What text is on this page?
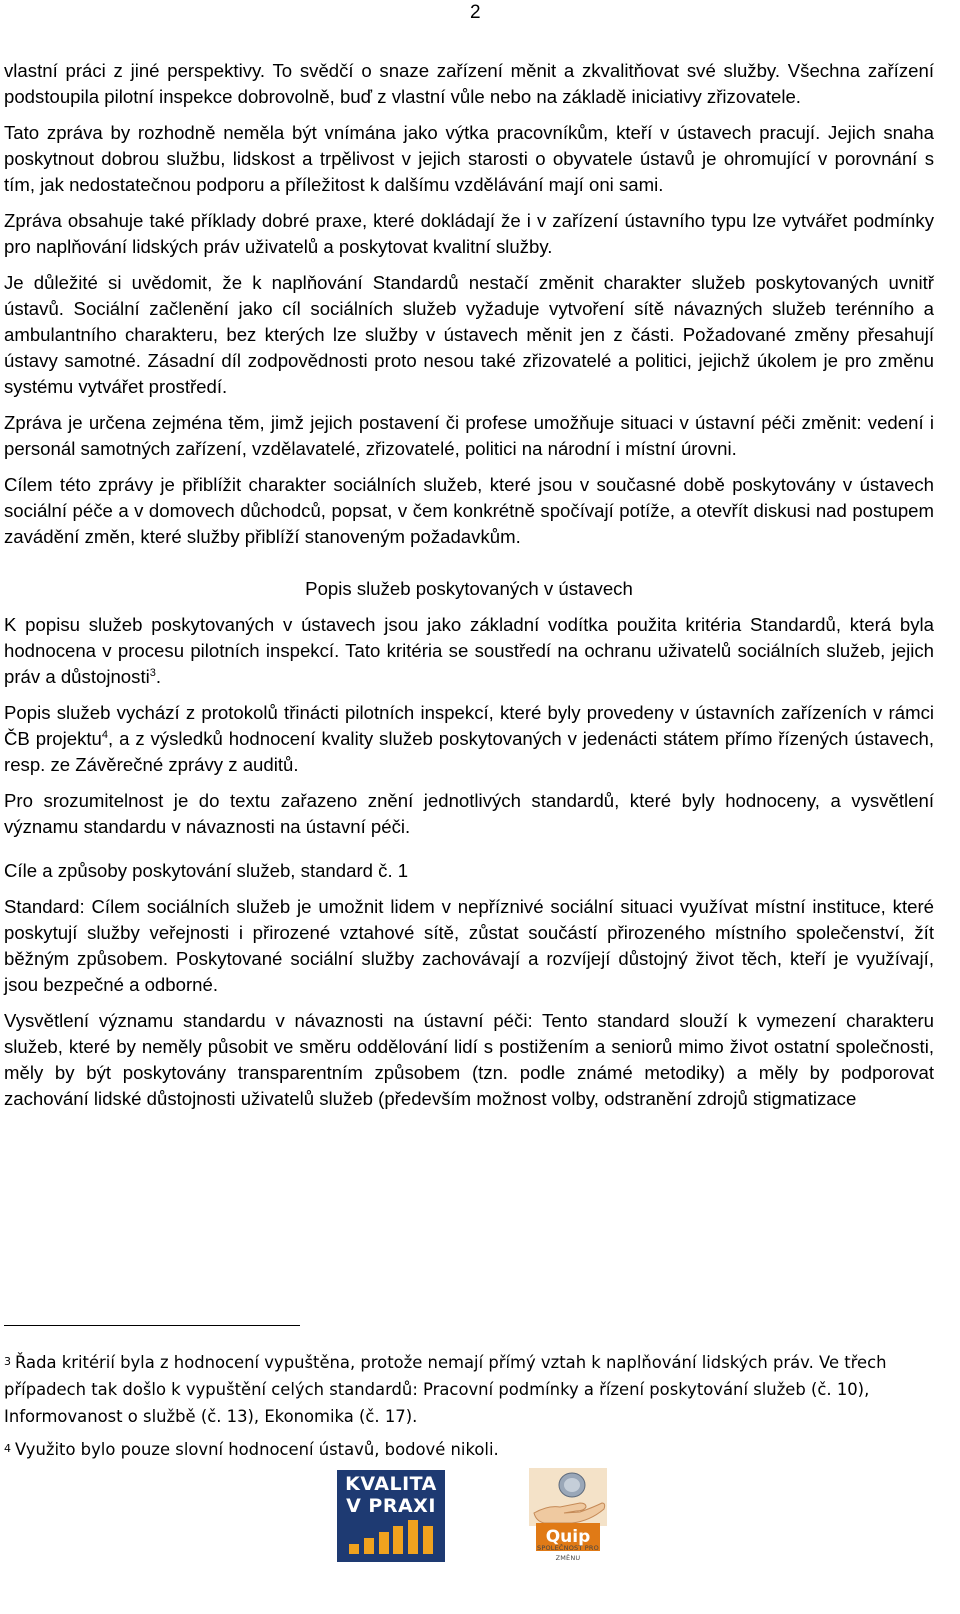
2

vlastní práci z jiné perspektivy. To svědčí o snaze zařízení měnit a zkvalitňovat své služby. Všechna zařízení podstoupila pilotní inspekce dobrovolně, buď z vlastní vůle nebo na základě iniciativy zřizovatele.

Tato zpráva by rozhodně neměla být vnímána jako výtka pracovníkům, kteří v ústavech pracují. Jejich snaha poskytnout dobrou službu, lidskost a trpělivost v jejich starosti o obyvatele ústavů je ohromující v porovnání s tím, jak nedostatečnou podporu a příležitost k dalšímu vzdělávání mají oni sami.

Zpráva obsahuje také příklady dobré praxe, které dokládají že i v zařízení ústavního typu lze vytvářet podmínky pro naplňování lidských práv uživatelů a poskytovat kvalitní služby.

Je důležité si uvědomit, že k naplňování Standardů nestačí změnit charakter služeb poskytovaných uvnitř ústavů. Sociální začlenění jako cíl sociálních služeb vyžaduje vytvoření sítě návazných služeb terénního a ambulantního charakteru, bez kterých lze služby v ústavech měnit jen z části. Požadované změny přesahují ústavy samotné. Zásadní díl zodpovědnosti proto nesou také zřizovatelé a politici, jejichž úkolem je pro změnu systému vytvářet prostředí.

Zpráva je určena zejména těm, jimž jejich postavení či profese umožňuje situaci v ústavní péči změnit: vedení i personál samotných zařízení, vzdělavatelé, zřizovatelé, politici na národní i místní úrovni.

Cílem této zprávy je přiblížit charakter sociálních služeb, které jsou v současné době poskytovány v ústavech sociální péče a v domovech důchodců, popsat, v čem konkrétně spočívají potíže, a otevřít diskusi nad postupem zavádění změn, které služby přiblíží stanoveným požadavkům.

Popis služeb poskytovaných v ústavech

K popisu služeb poskytovaných v ústavech jsou jako základní vodítka použita kritéria Standardů, která byla hodnocena v procesu pilotních inspekcí. Tato kritéria se soustředí na ochranu uživatelů sociálních služeb, jejich práv a důstojnosti$^3$.

Popis služeb vychází z protokolů třinácti pilotních inspekcí, které byly provedeny v ústavních zařízeních v rámci ČB projektu$^4$, a z výsledků hodnocení kvality služeb poskytovaných v jedenácti státem přímo řízených ústavech, resp. ze Závěrečné zprávy z auditů.

Pro srozumitelnost je do textu zařazeno znění jednotlivých standardů, které byly hodnoceny, a vysvětlení významu standardu v návaznosti na ústavní péči.

Cíle a způsoby poskytování služeb, standard č. 1

Standard: Cílem sociálních služeb je umožnit lidem v nepříznivé sociální situaci využívat místní instituce, které poskytují služby veřejnosti i přirozené vztahové sítě, zůstat součástí přirozeného místního společenství, žít běžným způsobem. Poskytované sociální služby zachovávají a rozvíjejí důstojný život těch, kteří je využívají, jsou bezpečné a odborné.

Vysvětlení významu standardu v návaznosti na ústavní péči: Tento standard slouží k vymezení charakteru služeb, které by neměly působit ve směru oddělování lidí s postižením a seniorů mimo život ostatní společnosti, měly by být poskytovány transparentním způsobem (tzn. podle známé metodiky) a měly by podporovat zachování lidské důstojnosti uživatelů služeb (především možnost volby, odstranění zdrojů stigmatizace

3 Řada kritérií byla z hodnocení vypuštěna, protože nemají přímý vztah k naplňování lidských práv. Ve třech případech tak došlo k vypuštění celých standardů: Pracovní podmínky a řízení poskytování služeb (č. 10), Informovanost o službě (č. 13), Ekonomika (č. 17).

4 Využito bylo pouze slovní hodnocení ústavů, bodové nikoli.

KVALITA
V PRAXI
Quip
SPOLEČNOST PRO ZMĚNU
